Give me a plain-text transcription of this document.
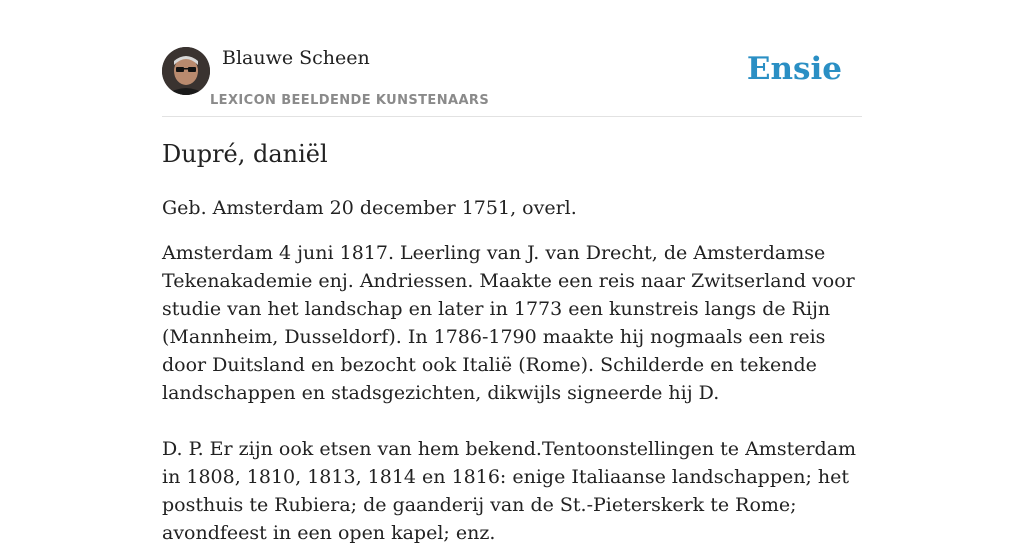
Blauwe Scheen
LEXICON BEELDENDE KUNSTENAARS
Ensie
Dupré, daniël

Geb. Amsterdam 20 december 1751, overl.

Amsterdam 4 juni 1817. Leerling van J. van Drecht, de Amsterdamse Tekenakademie enj. Andriessen. Maakte een reis naar Zwitserland voor studie van het landschap en later in 1773 een kunstreis langs de Rijn (Mannheim, Dusseldorf). In 1786-1790 maakte hij nogmaals een reis door Duitsland en bezocht ook Italië (Rome). Schilderde en tekende landschappen en stadsgezichten, dikwijls signeerde hij D.

D. P. Er zijn ook etsen van hem bekend.Tentoonstellingen te Amsterdam in 1808, 1810, 1813, 1814 en 1816: enige Italiaanse landschappen; het posthuis te Rubiera; de gaanderij van de St.-Pieterskerk te Rome; avondfeest in een open kapel; enz.
